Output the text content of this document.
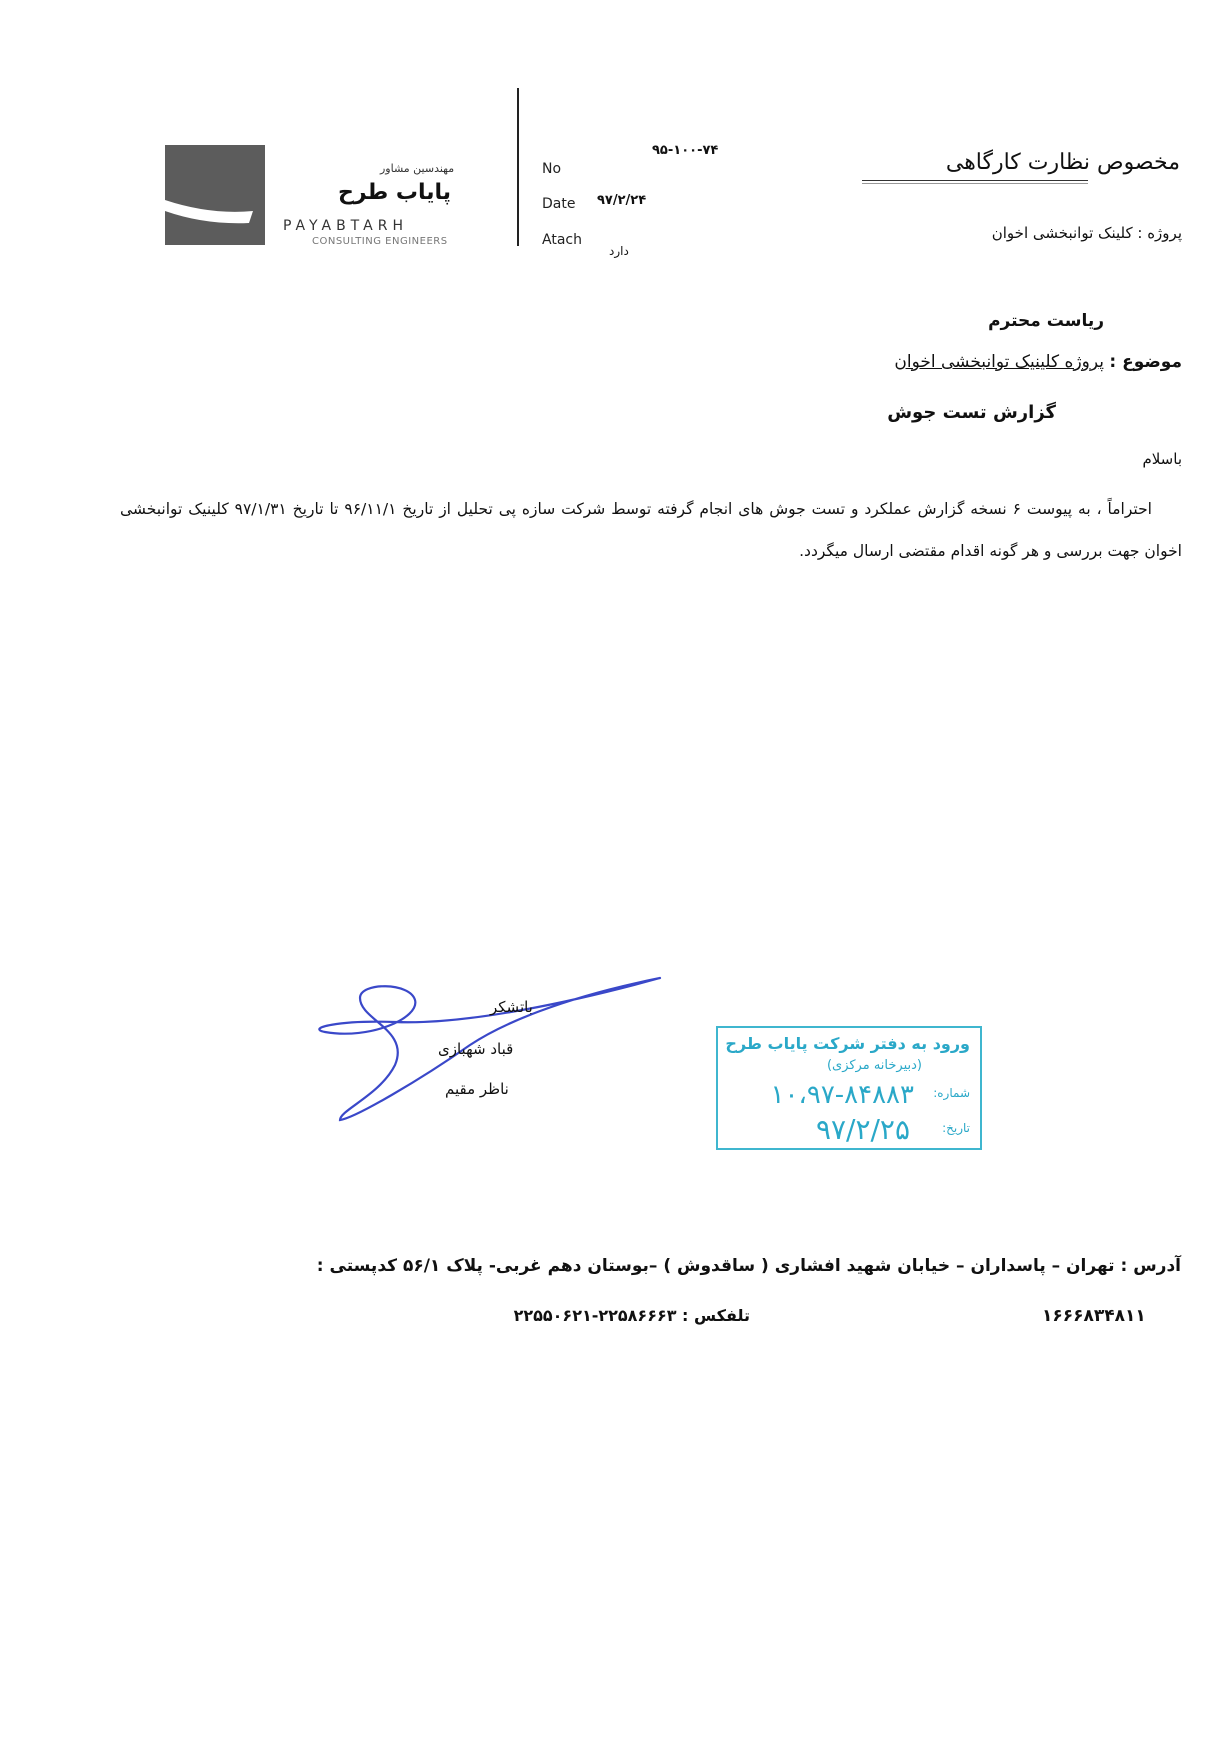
مهندسین مشاور
پایاب طرح
PAYABTARH
CONSULTING ENGINEERS
No
۹۵-۱۰۰-۷۴
Date ۹۷/۲/۲۴
Atach
دارد
مخصوص نظارت کارگاهی
پروژه : کلینک توانبخشی اخوان
ریاست محترم
موضوع : پروژه کلینیک توانبخشی اخوان
گزارش تست جوش
باسلام
احتراماً ، به پیوست ۶ نسخه گزارش عملکرد و تست جوش های انجام گرفته توسط شرکت سازه پی تحلیل از تاریخ ۹۶/۱۱/۱ تا تاریخ ۹۷/۱/۳۱ کلینیک توانبخشی اخوان جهت بررسی و هر گونه اقدام مقتضی ارسال میگردد.
باتشکر
قباد شهبازی
ناظر مقیم
ورود به دفتر شرکت پایاب طرح
(دبیرخانه مرکزی)
شماره:
۱۰،۹۷-۸۴۸۸۳
تاریخ:
۹۷/۲/۲۵
آدرس : تهران – پاسداران – خیابان شهید افشاری ( ساقدوش ) –بوستان دهم غربی- پلاک ۵۶/۱ کدپستی :
۱۶۶۶۸۳۴۸۱۱
تلفکس : ۲۲۵۸۶۶۶۳-۲۲۵۵۰۶۲۱
